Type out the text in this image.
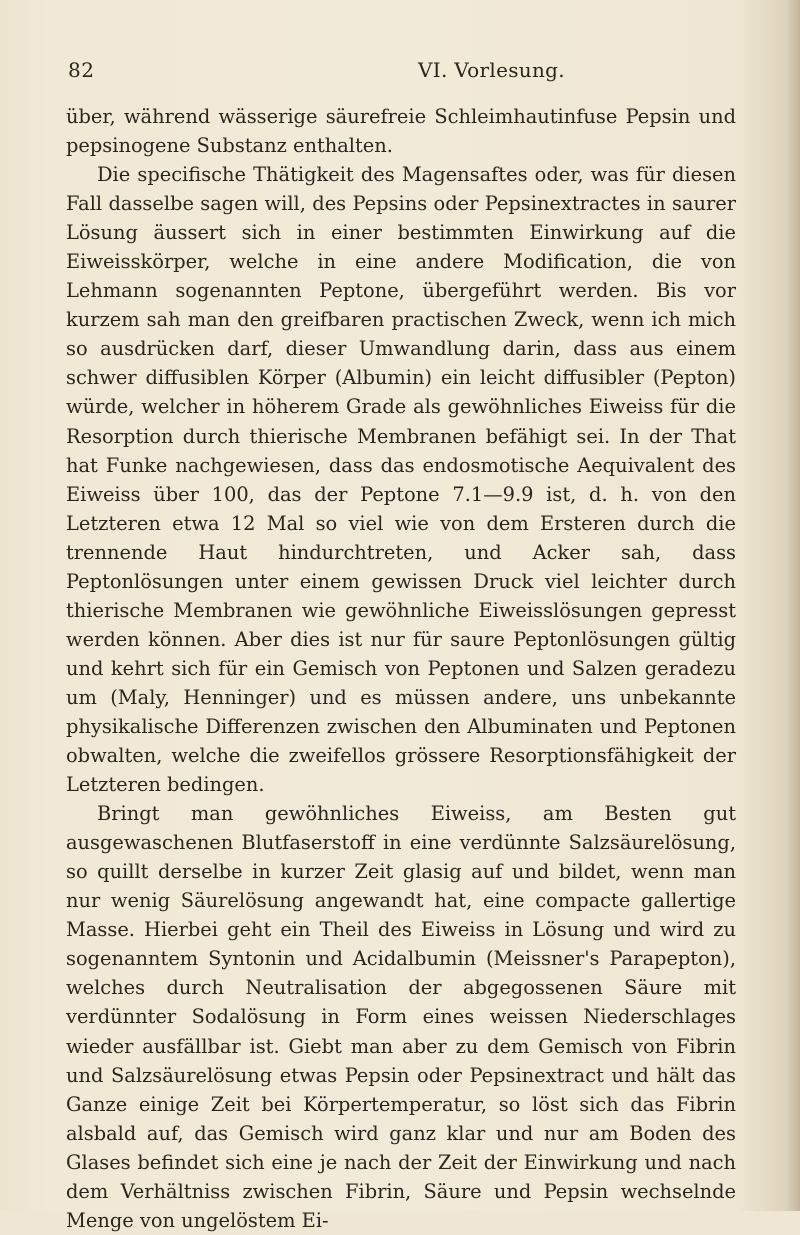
82	VI. Vorlesung.

über, während wässerige säurefreie Schleimhautinfuse Pepsin und pepsinogene Substanz enthalten.

Die specifische Thätigkeit des Magensaftes oder, was für diesen Fall dasselbe sagen will, des Pepsins oder Pepsinextractes in saurer Lösung äussert sich in einer bestimmten Einwirkung auf die Eiweisskörper, welche in eine andere Modification, die von Lehmann sogenannten Peptone, übergeführt werden. Bis vor kurzem sah man den greifbaren practischen Zweck, wenn ich mich so ausdrücken darf, dieser Umwandlung darin, dass aus einem schwer diffusiblen Körper (Albumin) ein leicht diffusibler (Pepton) würde, welcher in höherem Grade als gewöhnliches Eiweiss für die Resorption durch thierische Membranen befähigt sei. In der That hat Funke nachgewiesen, dass das endosmotische Aequivalent des Eiweiss über 100, das der Peptone 7.1—9.9 ist, d. h. von den Letzteren etwa 12 Mal so viel wie von dem Ersteren durch die trennende Haut hindurchtreten, und Acker sah, dass Peptonlösungen unter einem gewissen Druck viel leichter durch thierische Membranen wie gewöhnliche Eiweisslösungen gepresst werden können. Aber dies ist nur für saure Peptonlösungen gültig und kehrt sich für ein Gemisch von Peptonen und Salzen geradezu um (Maly, Henninger) und es müssen andere, uns unbekannte physikalische Differenzen zwischen den Albuminaten und Peptonen obwalten, welche die zweifellos grössere Resorptionsfähigkeit der Letzteren bedingen.

Bringt man gewöhnliches Eiweiss, am Besten gut ausgewaschenen Blutfaserstoff in eine verdünnte Salzsäurelösung, so quillt derselbe in kurzer Zeit glasig auf und bildet, wenn man nur wenig Säurelösung angewandt hat, eine compacte gallertige Masse. Hierbei geht ein Theil des Eiweiss in Lösung und wird zu sogenanntem Syntonin und Acidalbumin (Meissner's Parapepton), welches durch Neutralisation der abgegossenen Säure mit verdünnter Sodalösung in Form eines weissen Niederschlages wieder ausfällbar ist. Giebt man aber zu dem Gemisch von Fibrin und Salzsäurelösung etwas Pepsin oder Pepsinextract und hält das Ganze einige Zeit bei Körpertemperatur, so löst sich das Fibrin alsbald auf, das Gemisch wird ganz klar und nur am Boden des Glases befindet sich eine je nach der Zeit der Einwirkung und nach dem Verhältniss zwischen Fibrin, Säure und Pepsin wechselnde Menge von ungelöstem Ei-
